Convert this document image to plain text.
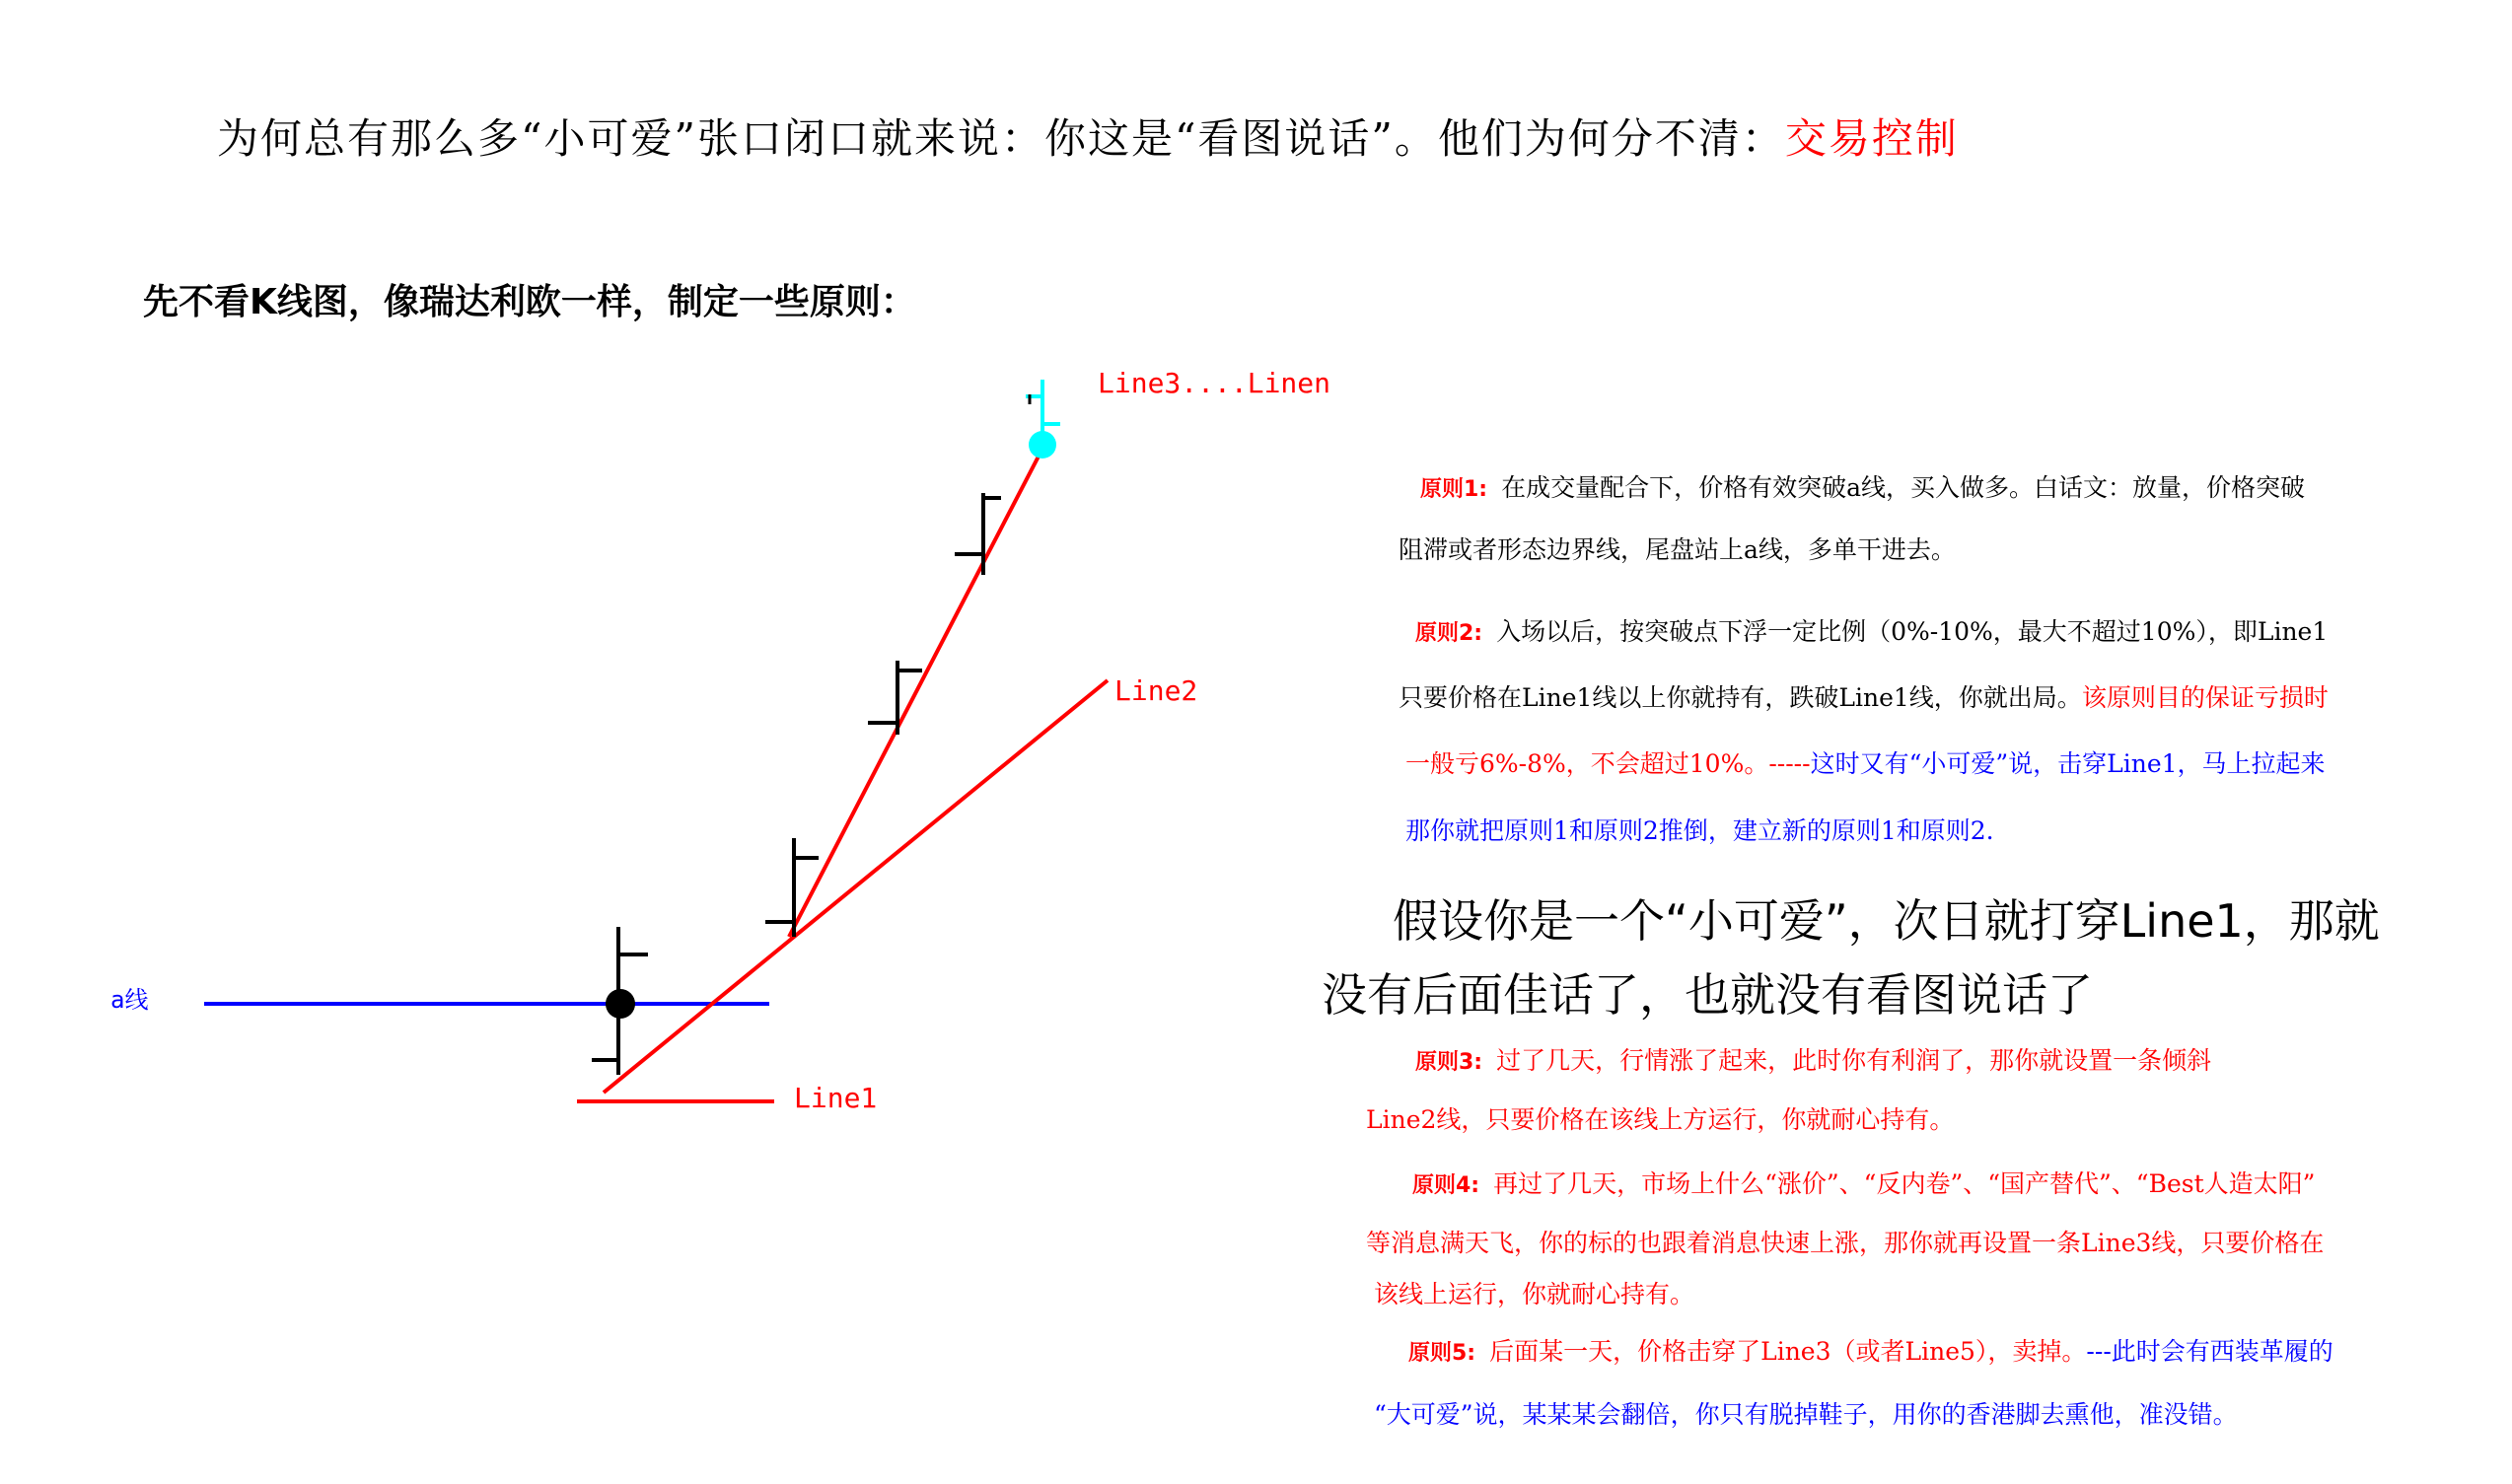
为何总有那么多“小可爱”张口闭口就来说：你这是“看图说话”。他们为何分不清：交易控制
先不看K线图，像瑞达利欧一样，制定一些原则：
a线
Line1
Line2
Line3....Linen
原则1: 在成交量配合下，价格有效突破a线，买入做多。白话文：放量，价格突破
阻滞或者形态边界线，尾盘站上a线，多单干进去。
原则2: 入场以后，按突破点下浮一定比例（0%-10%，最大不超过10%），即Line1
只要价格在Line1线以上你就持有，跌破Line1线，你就出局。该原则目的保证亏损时
一般亏6%-8%，不会超过10%。-----这时又有“小可爱”说，击穿Line1，马上拉起来
那你就把原则1和原则2推倒，建立新的原则1和原则2.
假设你是一个“小可爱”，次日就打穿Line1，那就
没有后面佳话了，也就没有看图说话了
原则3: 过了几天，行情涨了起来，此时你有利润了，那你就设置一条倾斜
Line2线，只要价格在该线上方运行，你就耐心持有。
原则4: 再过了几天，市场上什么“涨价”、“反内卷”、“国产替代”、“Best人造太阳”
等消息满天飞，你的标的也跟着消息快速上涨，那你就再设置一条Line3线，只要价格在
该线上运行，你就耐心持有。
原则5: 后面某一天，价格击穿了Line3（或者Line5），卖掉。---此时会有西装革履的
“大可爱”说，某某某会翻倍，你只有脱掉鞋子，用你的香港脚去熏他，准没错。
